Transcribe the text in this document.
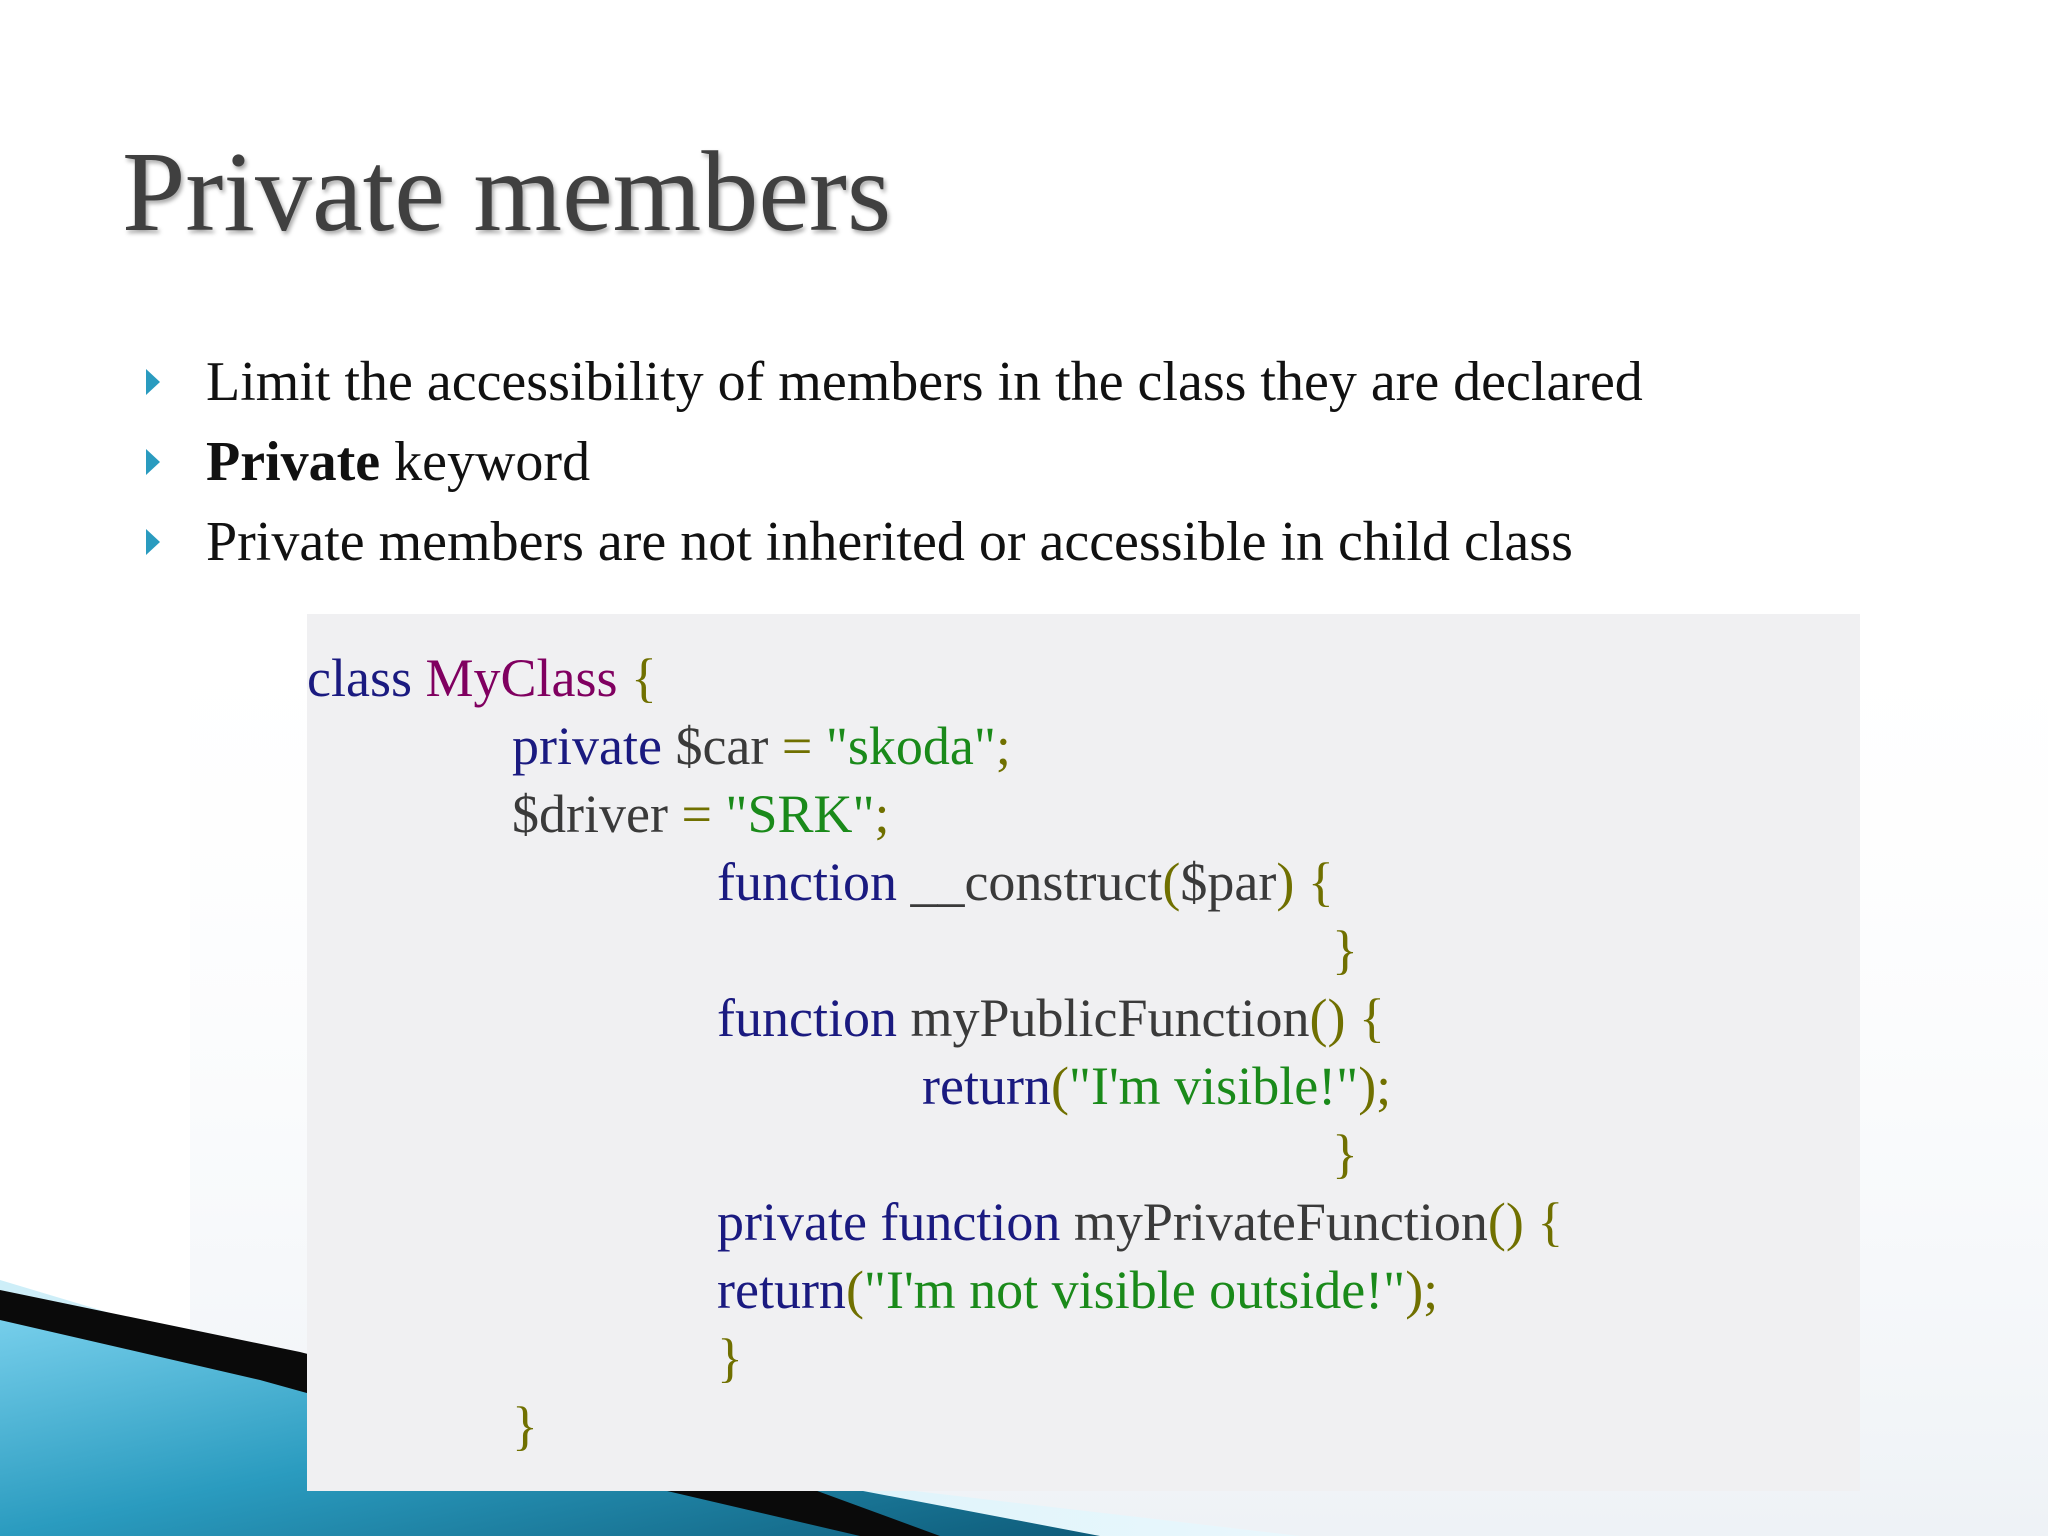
Private members
Limit the accessibility of members in the class they are declared
Private keyword
Private members are not inherited or accessible in child class
class MyClass {
private $car = "skoda";
$driver = "SRK";
function __construct($par) {
}
function myPublicFunction() {
return("I'm visible!");
}
private function myPrivateFunction() {
return("I'm not visible outside!");
}
}
